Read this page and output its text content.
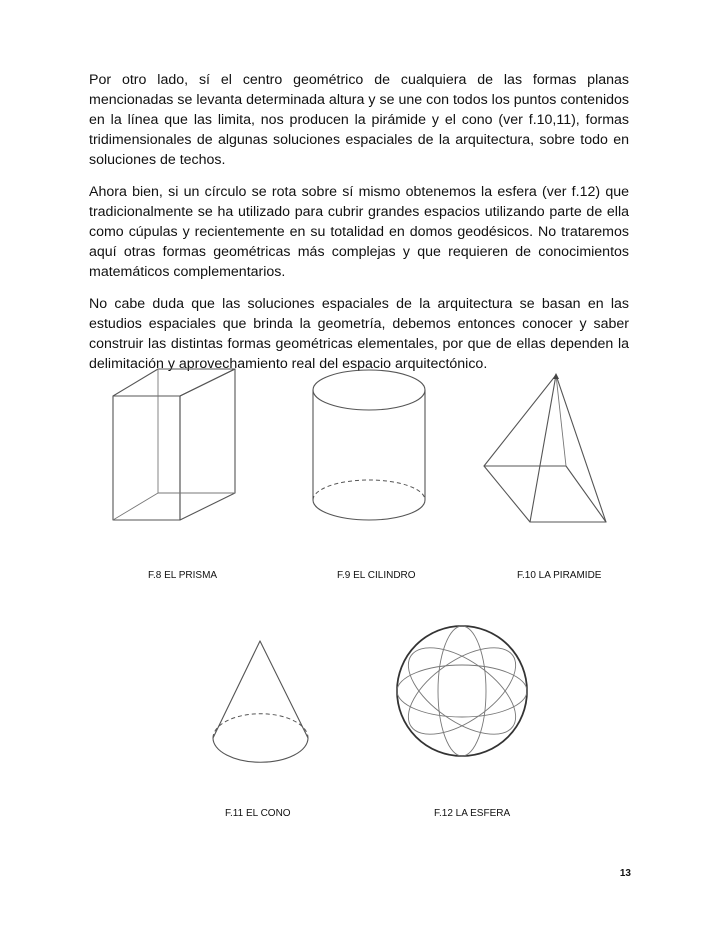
Por otro lado, sí el centro geométrico de cualquiera de las formas planas mencionadas se levanta determinada altura y se une con todos los puntos contenidos en la línea que las limita, nos producen la pirámide y el cono (ver f.10,11), formas tridimensionales de algunas soluciones espaciales de la arquitectura, sobre todo en soluciones de techos.

Ahora bien, si un círculo se rota sobre sí mismo obtenemos la esfera (ver f.12) que tradicionalmente se ha utilizado para cubrir grandes espacios utilizando parte de ella como cúpulas y recientemente en su totalidad en domos geodésicos. No trataremos aquí otras formas geométricas más complejas y que requieren de conocimientos matemáticos complementarios.

No cabe duda que las soluciones espaciales de la arquitectura se basan en las estudios espaciales que brinda la geometría, debemos entonces conocer y saber construir las distintas formas geométricas elementales, por que de ellas dependen la delimitación y aprovechamiento real del espacio arquitectónico.

F.8 EL PRISMA	F.9 EL CILINDRO	F.10 LA PIRAMIDE
F.11 EL CONO	F.12 LA ESFERA
13
